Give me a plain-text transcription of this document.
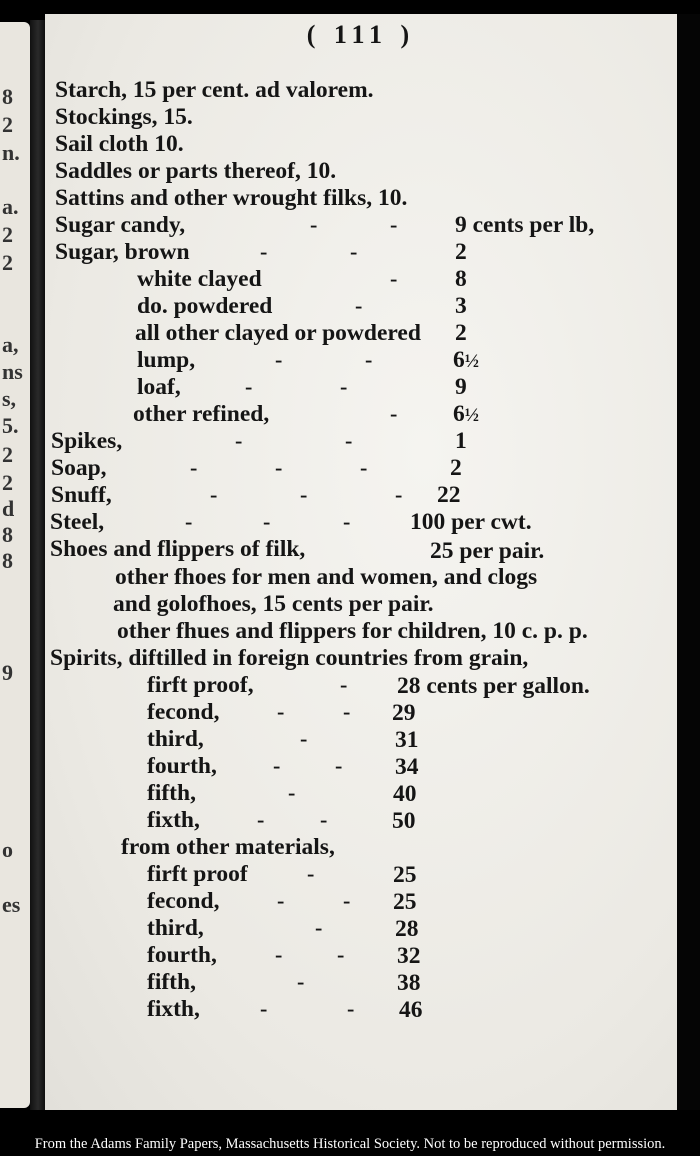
8
2
n.
a.
2
2
a,
ns
s,
5.
2
2
d
8
8
9
o
es
( 111 )
Starch, 15 per cent. ad valorem.
Stockings, 15.
Sail cloth 10.
Saddles or parts thereof, 10.
Sattins and other wrought filks, 10.
Sugar candy,	-	- 9 cents per lb,
Sugar, brown	-	-	2
white clayed	- 8
do. powdered	-	3
all other clayed or powdered 2
lump,	-	-	6½
loaf,	-	-	9
other refined,	- 6½
Spikes,	-	-	1
Soap,	-	-	-	2
Snuff,	-	-	- 22
Steel,	-	-	-	100 per cwt.
Shoes and flippers of filk,	25 per pair.
other fhoes for men and women, and clogs
and golofhoes, 15 cents per pair.
other fhues and flippers for children, 10 c. p. p.
Spirits, diftilled in foreign countries from grain,
firft proof,	- 28 cents per gallon.
fecond,	-	- 29
third,	-	31
fourth,	- - 34
fifth,	-	40
fixth,	-	-	50
from other materials,
firft proof	-	25
fecond,	-	- 25
third,	-	28
fourth,	- - 32
fifth,	-	38
fixth,	-	- 46
From the Adams Family Papers, Massachusetts Historical Society. Not to be reproduced without permission.
